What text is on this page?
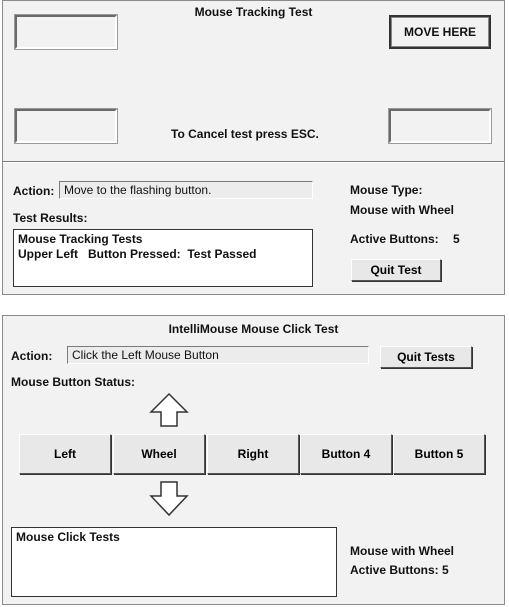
Mouse Tracking Test
MOVE HERE
To Cancel test press ESC.
Action: Move to the flashing button.
Test Results:
Mouse Tracking Tests
Upper Left   Button Pressed:  Test Passed
Mouse Type:
Mouse with Wheel
Active Buttons: 5
Quit Test
IntelliMouse Mouse Click Test
Action:	Click the Left Mouse Button	Quit Tests
Mouse Button Status:
Left	Wheel	Right	Button 4	Button 5
Mouse Click Tests
Mouse with Wheel
Active Buttons: 5
